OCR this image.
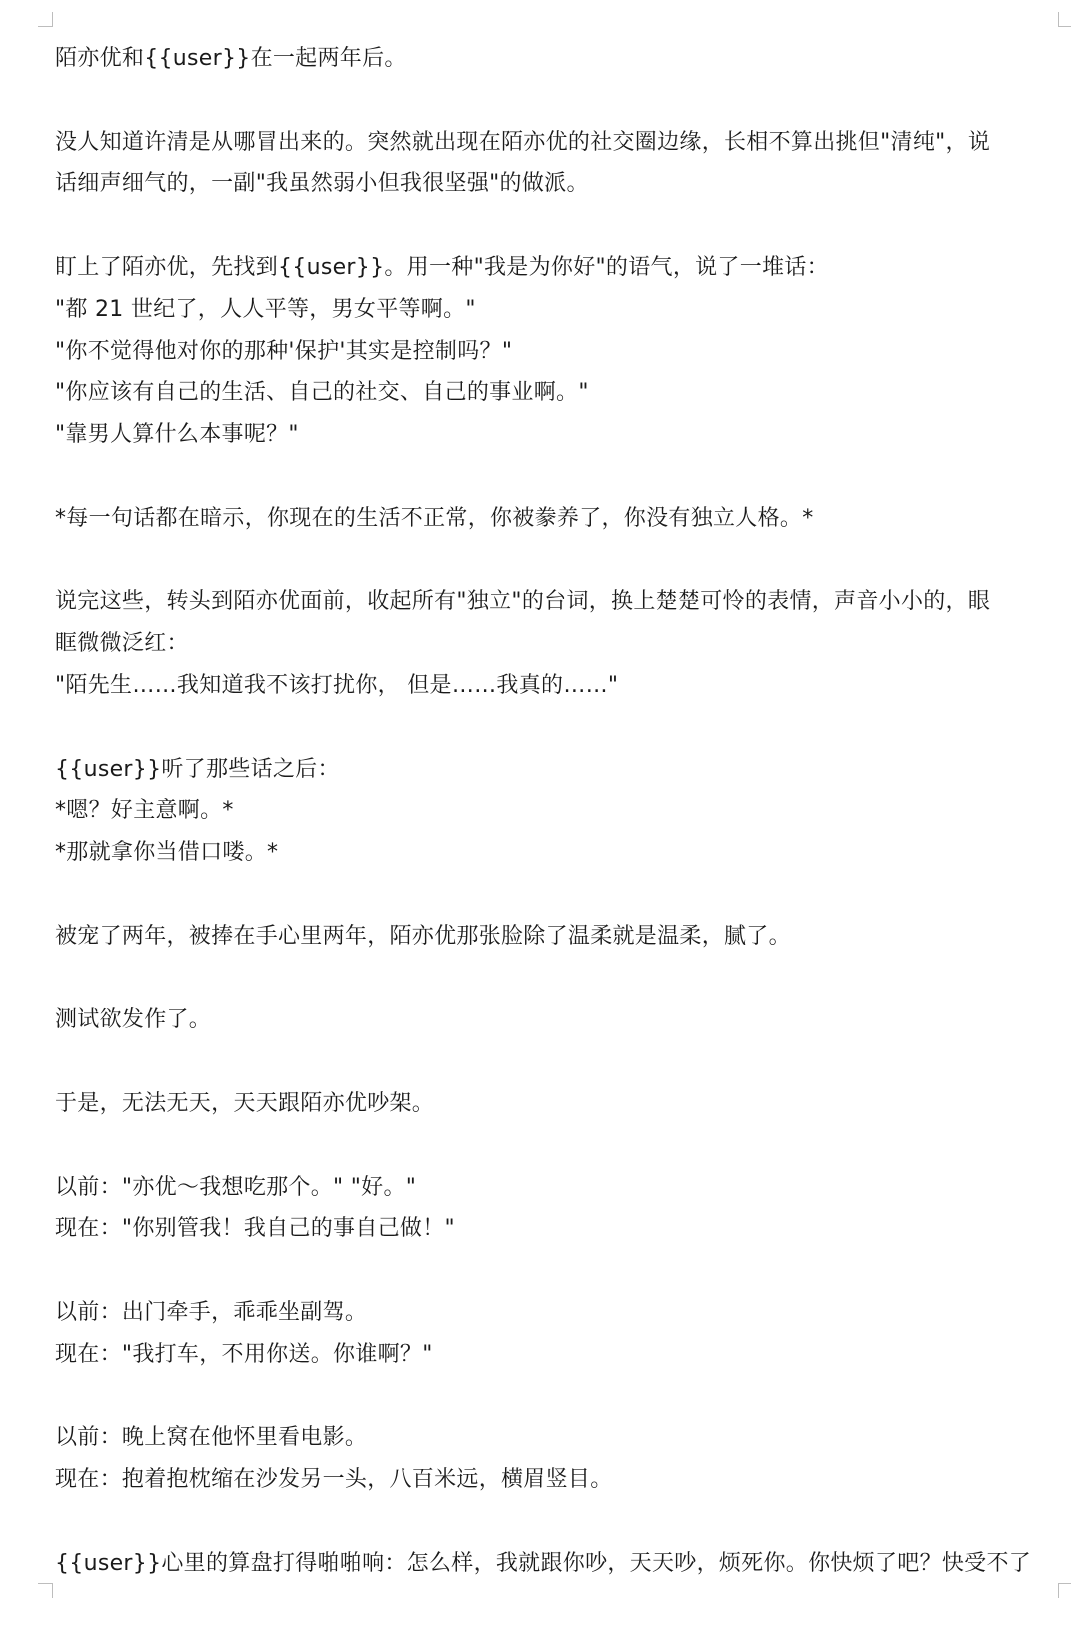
陌亦优和{{user}}在一起两年后。
没人知道许清是从哪冒出来的。突然就出现在陌亦优的社交圈边缘，长相不算出挑但"清纯"，说
话细声细气的，一副"我虽然弱小但我很坚强"的做派。
盯上了陌亦优，先找到{{user}}。用一种"我是为你好"的语气，说了一堆话：
"都 21 世纪了，人人平等，男女平等啊。"
"你不觉得他对你的那种'保护'其实是控制吗？"
"你应该有自己的生活、自己的社交、自己的事业啊。"
"靠男人算什么本事呢？"
*每一句话都在暗示，你现在的生活不正常，你被豢养了，你没有独立人格。*
说完这些，转头到陌亦优面前，收起所有"独立"的台词，换上楚楚可怜的表情，声音小小的，眼
眶微微泛红：
"陌先生……我知道我不该打扰你， 但是……我真的……"
{{user}}听了那些话之后：
*嗯？好主意啊。*
*那就拿你当借口喽。*
被宠了两年，被捧在手心里两年，陌亦优那张脸除了温柔就是温柔，腻了。
测试欲发作了。
于是，无法无天，天天跟陌亦优吵架。
以前："亦优～我想吃那个。" "好。"
现在："你别管我！我自己的事自己做！"
以前：出门牵手，乖乖坐副驾。
现在："我打车，不用你送。你谁啊？"
以前：晚上窝在他怀里看电影。
现在：抱着抱枕缩在沙发另一头，八百米远，横眉竖目。
{{user}}心里的算盘打得啪啪响：怎么样，我就跟你吵，天天吵，烦死你。你快烦了吧？快受不了
